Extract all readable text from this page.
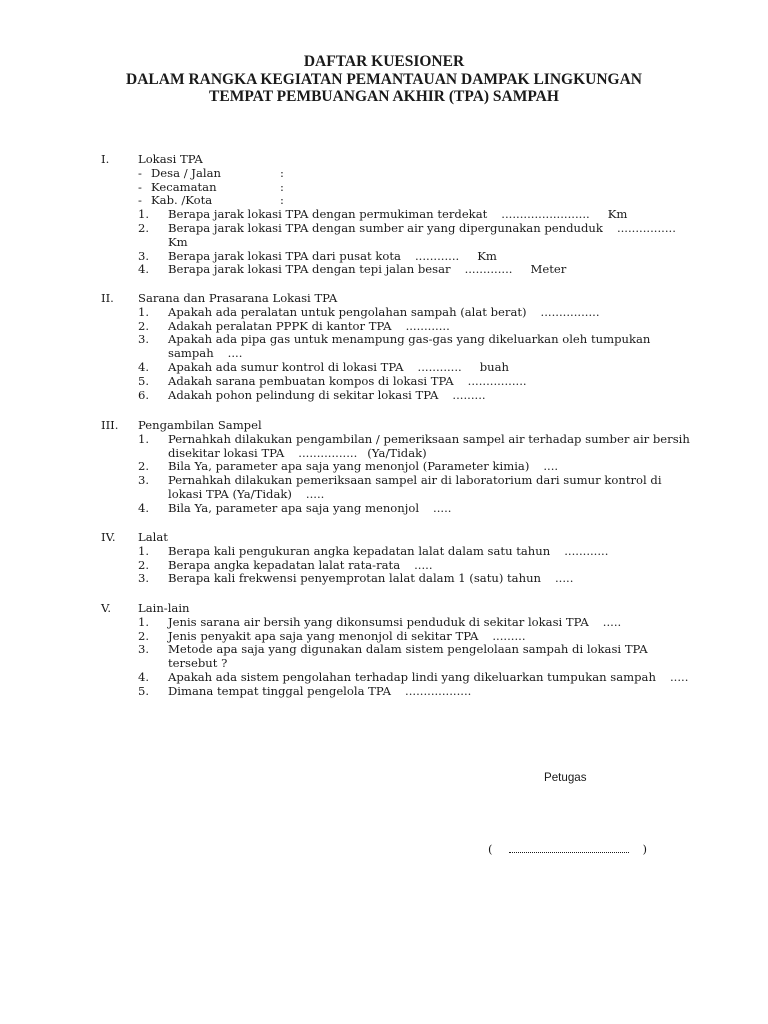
DAFTAR KUESIONER
DALAM RANGKA KEGIATAN PEMANTAUAN DAMPAK LINGKUNGAN
TEMPAT PEMBUANGAN AKHIR (TPA) SAMPAH
I. Lokasi TPA
- Desa / Jalan	:

- Kecamatan	:

- Kab. /Kota	:

1. Berapa jarak lokasi TPA dengan permukiman terdekat ........................ Km
2. Berapa jarak lokasi TPA dengan sumber air yang dipergunakan penduduk ................ Km
3. Berapa jarak lokasi TPA dari pusat kota ............ Km
4. Berapa jarak lokasi TPA dengan tepi jalan besar ............. Meter
II. Sarana dan Prasarana Lokasi TPA
1. Apakah ada peralatan untuk pengolahan sampah (alat berat) ................
2. Adakah peralatan PPPK di kantor TPA ............
3. Apakah ada pipa gas untuk menampung gas-gas yang dikeluarkan oleh tumpukan sampah ....
4. Apakah ada sumur kontrol di lokasi TPA ............ buah
5. Adakah sarana pembuatan kompos di lokasi TPA ................
6. Adakah pohon pelindung di sekitar lokasi TPA .........
III. Pengambilan Sampel
1. Pernahkah dilakukan pengambilan / pemeriksaan sampel air terhadap sumber air bersih disekitar lokasi TPA ................ (Ya/Tidak)
2. Bila Ya, parameter apa saja yang menonjol (Parameter kimia) ....
3. Pernahkah dilakukan pemeriksaan sampel air di laboratorium dari sumur kontrol di lokasi TPA (Ya/Tidak) .....
4. Bila Ya, parameter apa saja yang menonjol .....
IV. Lalat
1. Berapa kali pengukuran angka kepadatan lalat dalam satu tahun ............
2. Berapa angka kepadatan lalat rata-rata .....
3. Berapa kali frekwensi penyemprotan lalat dalam 1 (satu) tahun .....
V. Lain-lain
1. Jenis sarana air bersih yang dikonsumsi penduduk di sekitar lokasi TPA .....
2. Jenis penyakit apa saja yang menonjol di sekitar TPA .........
3. Metode apa saja yang digunakan dalam sistem pengelolaan sampah di lokasi TPA tersebut ?
4. Apakah ada sistem pengolahan terhadap lindi yang dikeluarkan tumpukan sampah .....
5. Dimana tempat tinggal pengelola TPA ..................
Petugas
(	)
